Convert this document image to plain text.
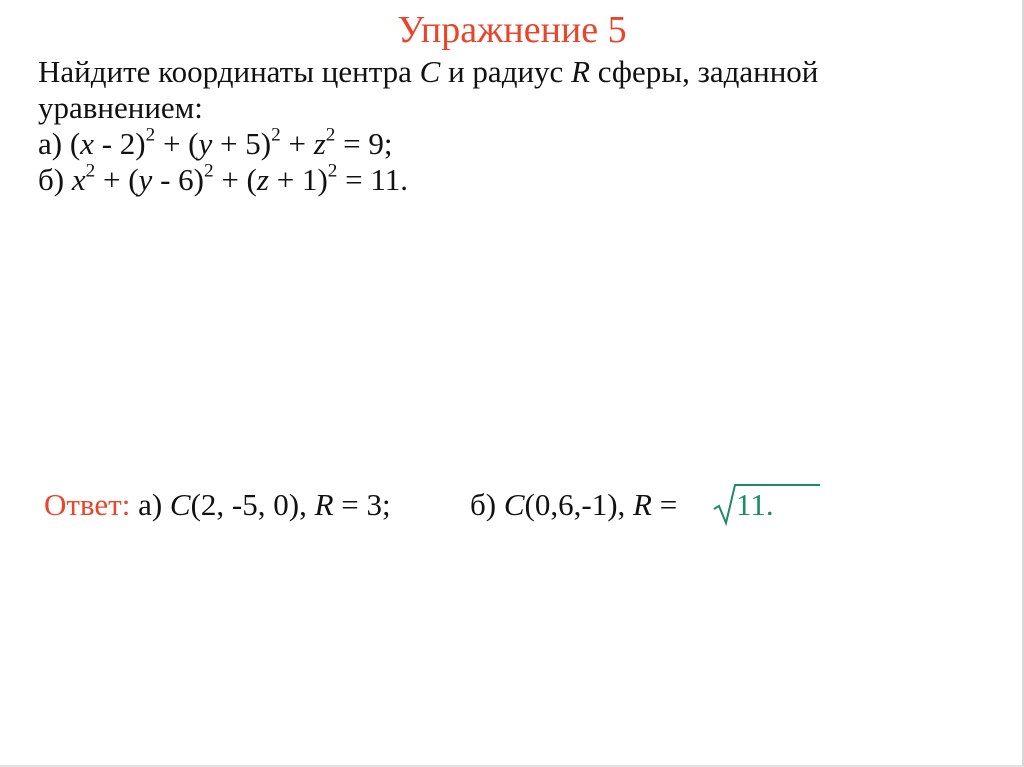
Упражнение 5
Найдите координаты центра C и радиус R сферы, заданной
уравнением:
а) $(x - 2)^2 + (y + 5)^2 + z^2 = 9$;
б) $x^2 + (y - 6)^2 + (z + 1)^2 = 11$.
Ответ: а) C(2, -5, 0), R = 3;	б) C(0,6,-1), R = 11.
